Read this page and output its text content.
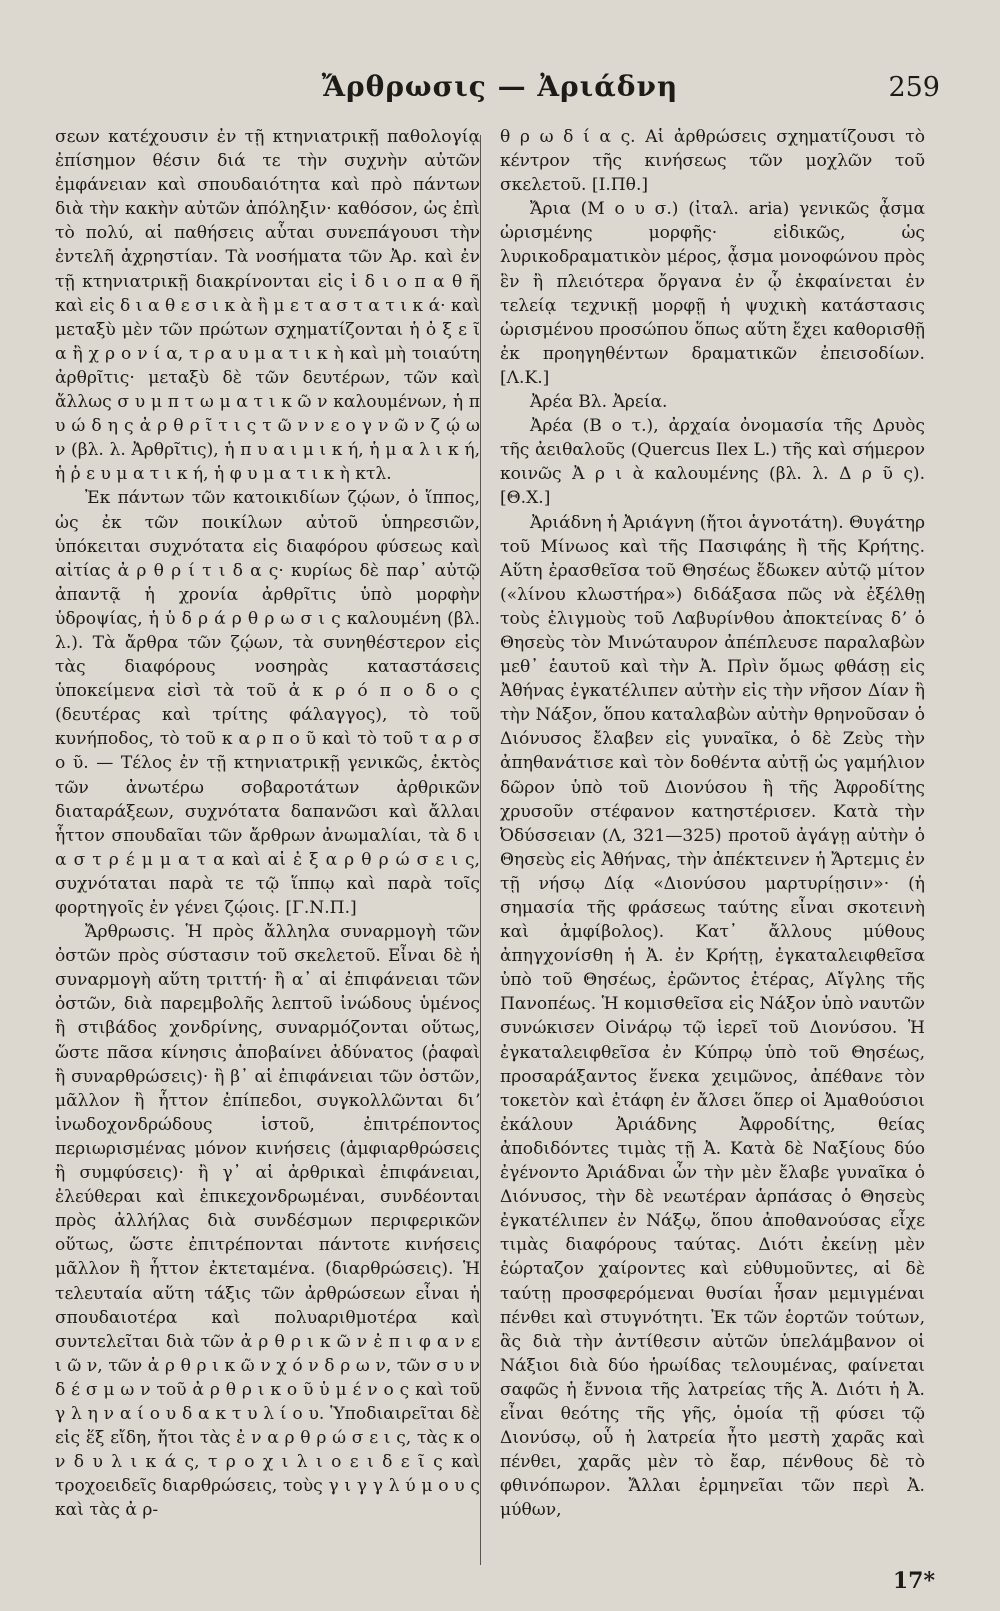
Ἄρθρωσις — Ἀριάδνη	259

σεων κατέχουσιν ἐν τῇ κτηνιατρικῇ παθολογίᾳ ἐπίσημον θέσιν διά τε τὴν συχνὴν αὐτῶν ἐμφάνειαν καὶ σπουδαιότητα καὶ πρὸ πάντων διὰ τὴν κακὴν αὐτῶν ἀπόληξιν· καθόσον, ὡς ἐπὶ τὸ πολύ, αἱ παθήσεις αὗται συνεπάγουσι τὴν ἐντελῆ ἀχρηστίαν. Τὰ νοσήματα τῶν Ἀρ. καὶ ἐν τῇ κτηνιατρικῇ διακρίνονται εἰς ἰ δ ι ο π α θ ῆ καὶ εἰς δ ι α θ ε σ ι κ ὰ ἢ μ ε τ α σ τ α τ ι κ ά· καὶ μεταξὺ μὲν τῶν πρώτων σχηματίζονται ἡ ὀ ξ ε ῖ α ἢ χ ρ ο ν ί α, τ ρ α υ μ α τ ι κ ὴ καὶ μὴ τοιαύτη ἀρθρῖτις· μεταξὺ δὲ τῶν δευτέρων, τῶν καὶ ἄλλως σ υ μ π τ ω μ α τ ι κ ῶ ν καλουμένων, ἡ π υ ώ δ η ς ἀ ρ θ ρ ῖ τ ι ς τ ῶ ν ν ε ο γ ν ῶ ν ζ ῴ ω ν (βλ. λ. Ἀρθρῖτις), ἡ π υ α ι μ ι κ ή, ἡ μ α λ ι κ ή, ἡ ῥ ε υ μ α τ ι κ ή, ἡ φ υ μ α τ ι κ ὴ κτλ.

Ἐκ πάντων τῶν κατοικιδίων ζῴων, ὁ ἵππος, ὡς ἐκ τῶν ποικίλων αὐτοῦ ὑπηρεσιῶν, ὑπόκειται συχνότατα εἰς διαφόρου φύσεως καὶ αἰτίας ἀ ρ θ ρ ί τ ι δ α ς· κυρίως δὲ παρ᾽ αὐτῷ ἀπαντᾷ ἡ χρονία ἀρθρῖτις ὑπὸ μορφὴν ὑδροψίας, ἡ ὑ δ ρ ά ρ θ ρ ω σ ι ς καλουμένη (βλ. λ.). Τὰ ἄρθρα τῶν ζῴων, τὰ συνηθέστερον εἰς τὰς διαφόρους νοσηρὰς καταστάσεις ὑποκείμενα εἰσὶ τὰ τοῦ ἀ κ ρ ό π ο δ ο ς (δευτέρας καὶ τρίτης φάλαγγος), τὸ τοῦ κυνήποδος, τὸ τοῦ κ α ρ π ο ῦ καὶ τὸ τοῦ τ α ρ σ ο ῦ. — Τέλος ἐν τῇ κτηνιατρικῇ γενικῶς, ἐκτὸς τῶν ἀνωτέρω σοβαροτάτων ἀρθρικῶν διαταράξεων, συχνότατα δαπανῶσι καὶ ἄλλαι ἧττον σπουδαῖαι τῶν ἄρθρων ἀνωμαλίαι, τὰ δ ι α σ τ ρ έ μ μ α τ α καὶ αἱ ἐ ξ α ρ θ ρ ώ σ ε ι ς, συχνόταται παρὰ τε τῷ ἵππῳ καὶ παρὰ τοῖς φορτηγοῖς ἐν γένει ζῴοις. [Γ.Ν.Π.]

Ἄρθρωσις. Ἡ πρὸς ἄλληλα συναρμογὴ τῶν ὀστῶν πρὸς σύστασιν τοῦ σκελετοῦ. Εἶναι δὲ ἡ συναρμογὴ αὕτη τριττή· ἢ α᾽ αἱ ἐπιφάνειαι τῶν ὀστῶν, διὰ παρεμβολῆς λεπτοῦ ἰνώδους ὑμένος ἢ στιβάδος χονδρίνης, συναρμόζονται οὕτως, ὥστε πᾶσα κίνησις ἀποβαίνει ἀδύνατος (ῥαφαὶ ἢ συναρθρώσεις)· ἢ β᾽ αἱ ἐπιφάνειαι τῶν ὀστῶν, μᾶλλον ἢ ἧττον ἐπίπεδοι, συγκολλῶνται διʼ ἰνωδοχονδρώδους ἱστοῦ, ἐπιτρέποντος περιωρισμένας μόνον κινήσεις (ἀμφιαρθρώσεις ἢ συμφύσεις)· ἢ γ᾽ αἱ ἀρθρικαὶ ἐπιφάνειαι, ἐλεύθεραι καὶ ἐπικεχονδρωμέναι, συνδέονται πρὸς ἀλλήλας διὰ συνδέσμων περιφερικῶν οὕτως, ὥστε ἐπιτρέπονται πάντοτε κινήσεις μᾶλλον ἢ ἧττον ἐκτεταμένα. (διαρθρώσεις). Ἡ τελευταία αὕτη τάξις τῶν ἀρθρώσεων εἶναι ἡ σπουδαιοτέρα καὶ πολυαριθμοτέρα καὶ συντελεῖται διὰ τῶν ἀ ρ θ ρ ι κ ῶ ν ἐ π ι φ α ν ε ι ῶ ν, τῶν ἀ ρ θ ρ ι κ ῶ ν χ ό ν δ ρ ω ν, τῶν σ υ ν δ έ σ μ ω ν τοῦ ἀ ρ θ ρ ι κ ο ῦ ὑ μ έ ν ο ς καὶ τοῦ γ λ η ν α ί ο υ δ α κ τ υ λ ί ο υ. Ὑποδιαιρεῖται δὲ εἰς ἕξ εἴδη, ἤτοι τὰς ἐ ν α ρ θ ρ ώ σ ε ι ς, τὰς κ ο ν δ υ λ ι κ ά ς, τ ρ ο χ ι λ ι ο ε ι δ ε ῖ ς καὶ τροχοειδεῖς διαρθρώσεις, τοὺς γ ι γ γ λ ύ μ ο υ ς καὶ τὰς ἀ ρ-

θ ρ ω δ ί α ς. Αἱ ἀρθρώσεις σχηματίζουσι τὸ κέντρον τῆς κινήσεως τῶν μοχλῶν τοῦ σκελετοῦ. [Ι.Πθ.]

Ἄρια (Μ ο υ σ.) (ἰταλ. aria) γενικῶς ᾆσμα ὡρισμένης μορφῆς· εἰδικῶς, ὡς λυρικοδραματικὸν μέρος, ᾆσμα μονοφώνου πρὸς ἓν ἢ πλειότερα ὄργανα ἐν ᾧ ἐκφαίνεται ἐν τελείᾳ τεχνικῇ μορφῇ ἡ ψυχικὴ κατάστασις ὡρισμένου προσώπου ὅπως αὕτη ἔχει καθορισθῇ ἐκ προηγηθέντων δραματικῶν ἐπεισοδίων. [Λ.Κ.]

Ἀρέα Βλ. Ἀρεία.

Ἀρέα (Β ο τ.), ἀρχαία ὀνομασία τῆς Δρυὸς τῆς ἀειθαλοῦς (Quercus Ilex L.) τῆς καὶ σήμερον κοινῶς Ἀ ρ ι ὰ καλουμένης (βλ. λ. Δ ρ ῦ ς). [Θ.Χ.]

Ἀριάδνη ἡ Ἀριάγνη (ἤτοι ἁγνοτάτη). Θυγάτηρ τοῦ Μίνωος καὶ τῆς Πασιφάης ἢ τῆς Κρήτης. Αὕτη ἐρασθεῖσα τοῦ Θησέως ἔδωκεν αὐτῷ μίτον («λίνου κλωστήρα») διδάξασα πῶς νὰ ἐξέλθῃ τοὺς ἑλιγμοὺς τοῦ Λαβυρίνθου ἀποκτείνας δʼ ὁ Θησεὺς τὸν Μινώταυρον ἀπέπλευσε παραλαβὼν μεθ᾽ ἑαυτοῦ καὶ τὴν Ἀ. Πρὶν ὅμως φθάσῃ εἰς Ἀθήνας ἐγκατέλιπεν αὐτὴν εἰς τὴν νῆσον Δίαν ἢ τὴν Νάξον, ὅπου καταλαβὼν αὐτὴν θρηνοῦσαν ὁ Διόνυσος ἔλαβεν εἰς γυναῖκα, ὁ δὲ Ζεὺς τὴν ἀπηθανάτισε καὶ τὸν δοθέντα αὐτῇ ὡς γαμήλιον δῶρον ὑπὸ τοῦ Διονύσου ἢ τῆς Ἀφροδίτης χρυσοῦν στέφανον κατηστέρισεν. Κατὰ τὴν Ὀδύσσειαν (Λ, 321—325) προτοῦ ἀγάγῃ αὐτὴν ὁ Θησεὺς εἰς Ἀθήνας, τὴν ἀπέκτεινεν ἡ Ἄρτεμις ἐν τῇ νήσῳ Δίᾳ «Διονύσου μαρτυρίῃσιν»· (ἡ σημασία τῆς φράσεως ταύτης εἶναι σκοτεινὴ καὶ ἀμφίβολος). Κατ᾽ ἄλλους μύθους ἀπηγχονίσθη ἡ Ἀ. ἐν Κρήτῃ, ἐγκαταλειφθεῖσα ὑπὸ τοῦ Θησέως, ἐρῶντος ἑτέρας, Αἴγλης τῆς Πανοπέως. Ἡ κομισθεῖσα εἰς Νάξον ὑπὸ ναυτῶν συνώκισεν Οἰνάρῳ τῷ ἱερεῖ τοῦ Διονύσου. Ἡ ἐγκαταλειφθεῖσα ἐν Κύπρῳ ὑπὸ τοῦ Θησέως, προσαράξαντος ἕνεκα χειμῶνος, ἀπέθανε τὸν τοκετὸν καὶ ἐτάφη ἐν ἄλσει ὅπερ οἱ Ἀμαθούσιοι ἐκάλουν Ἀριάδνης Ἀφροδίτης, θείας ἀποδιδόντες τιμὰς τῇ Ἀ. Κατὰ δὲ Ναξίους δύο ἐγένοντο Ἀριάδναι ὧν τὴν μὲν ἔλαβε γυναῖκα ὁ Διόνυσος, τὴν δὲ νεωτέραν ἁρπάσας ὁ Θησεὺς ἐγκατέλιπεν ἐν Νάξῳ, ὅπου ἀποθανούσας εἶχε τιμὰς διαφόρους ταύτας. Διότι ἐκείνῃ μὲν ἑώρταζον χαίροντες καὶ εὐθυμοῦντες, αἱ δὲ ταύτῃ προσφερόμεναι θυσίαι ἦσαν μεμιγμέναι πένθει καὶ στυγνότητι. Ἐκ τῶν ἑορτῶν τούτων, ἃς διὰ τὴν ἀντίθεσιν αὐτῶν ὑπελάμβανον οἱ Νάξιοι διὰ δύο ἡρωίδας τελουμένας, φαίνεται σαφῶς ἡ ἔννοια τῆς λατρείας τῆς Ἀ. Διότι ἡ Ἀ. εἶναι θεότης τῆς γῆς, ὁμοία τῇ φύσει τῷ Διονύσῳ, οὗ ἡ λατρεία ἦτο μεστὴ χαρᾶς καὶ πένθει, χαρᾶς μὲν τὸ ἔαρ, πένθους δὲ τὸ φθινόπωρον. Ἄλλαι ἑρμηνεῖαι τῶν περὶ Ἀ. μύθων,

17*
